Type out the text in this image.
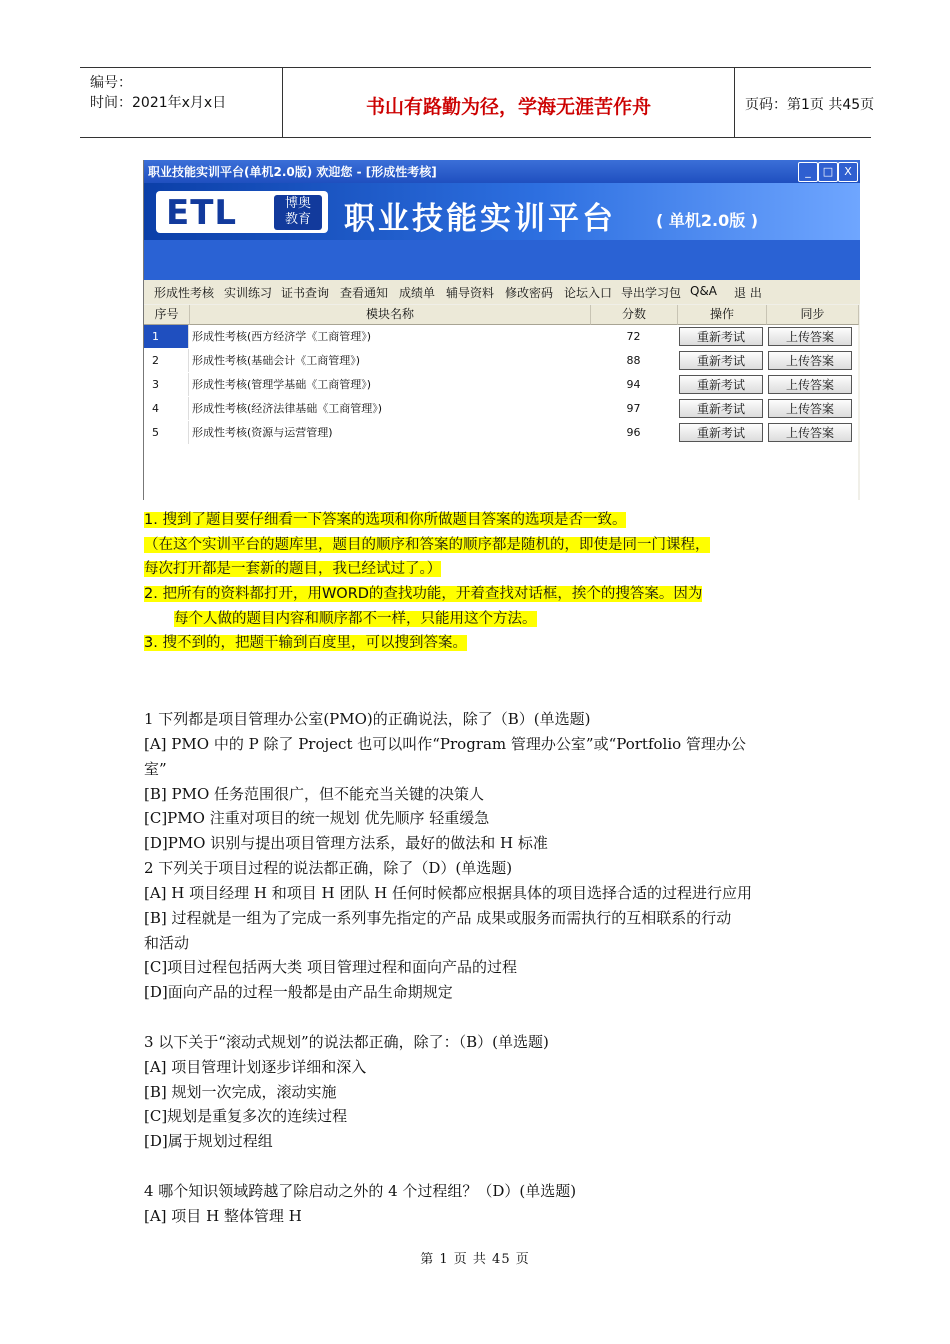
编号：
时间：2021年x月x日	书山有路勤为径，学海无涯苦作舟	页码：第1页 共45页
职业技能实训平台(单机2.0版) 欢迎您 - [形成性考核]	_	□	X
ETL	博奥
教育	职业技能实训平台	( 单机2.0版 )
形成性考核 实训练习 证书查询 查看通知 成绩单 辅导资料 修改密码 论坛入口 导出学习包 Q&A 退 出
序号	模块名称	分数	操作	同步
1	形成性考核(西方经济学《工商管理》)	72	重新考试	上传答案
2	形成性考核(基础会计《工商管理》)	88	重新考试	上传答案
3	形成性考核(管理学基础《工商管理》)	94	重新考试	上传答案
4	形成性考核(经济法律基础《工商管理》)	97	重新考试	上传答案
5	形成性考核(资源与运营管理)	96	重新考试	上传答案
1. 搜到了题目要仔细看一下答案的选项和你所做题目答案的选项是否一致。
（在这个实训平台的题库里，题目的顺序和答案的顺序都是随机的，即使是同一门课程，
每次打开都是一套新的题目，我已经试过了。）
2. 把所有的资料都打开，用WORD的查找功能，开着查找对话框，挨个的搜答案。因为
每个人做的题目内容和顺序都不一样，只能用这个方法。
3. 搜不到的，把题干输到百度里，可以搜到答案。
1 下列都是项目管理办公室(PMO)的正确说法，除了（B）(单选题)
[A] PMO 中的 P 除了 Project 也可以叫作“Program 管理办公室”或“Portfolio 管理办公
室”
[B] PMO 任务范围很广，但不能充当关键的决策人
[C]PMO 注重对项目的统一规划 优先顺序 轻重缓急
[D]PMO 识别与提出项目管理方法系，最好的做法和 H 标准
2 下列关于项目过程的说法都正确，除了（D）(单选题)
[A] H 项目经理 H 和项目 H 团队 H 任何时候都应根据具体的项目选择合适的过程进行应用
[B] 过程就是一组为了完成一系列事先指定的产品 成果或服务而需执行的互相联系的行动
和活动
[C]项目过程包括两大类 项目管理过程和面向产品的过程
[D]面向产品的过程一般都是由产品生命期规定
3 以下关于“滚动式规划”的说法都正确，除了：（B）(单选题)
[A] 项目管理计划逐步详细和深入
[B] 规划一次完成，滚动实施
[C]规划是重复多次的连续过程
[D]属于规划过程组
4 哪个知识领域跨越了除启动之外的 4 个过程组？（D）(单选题)
[A] 项目 H 整体管理 H
第 1 页 共 45 页
